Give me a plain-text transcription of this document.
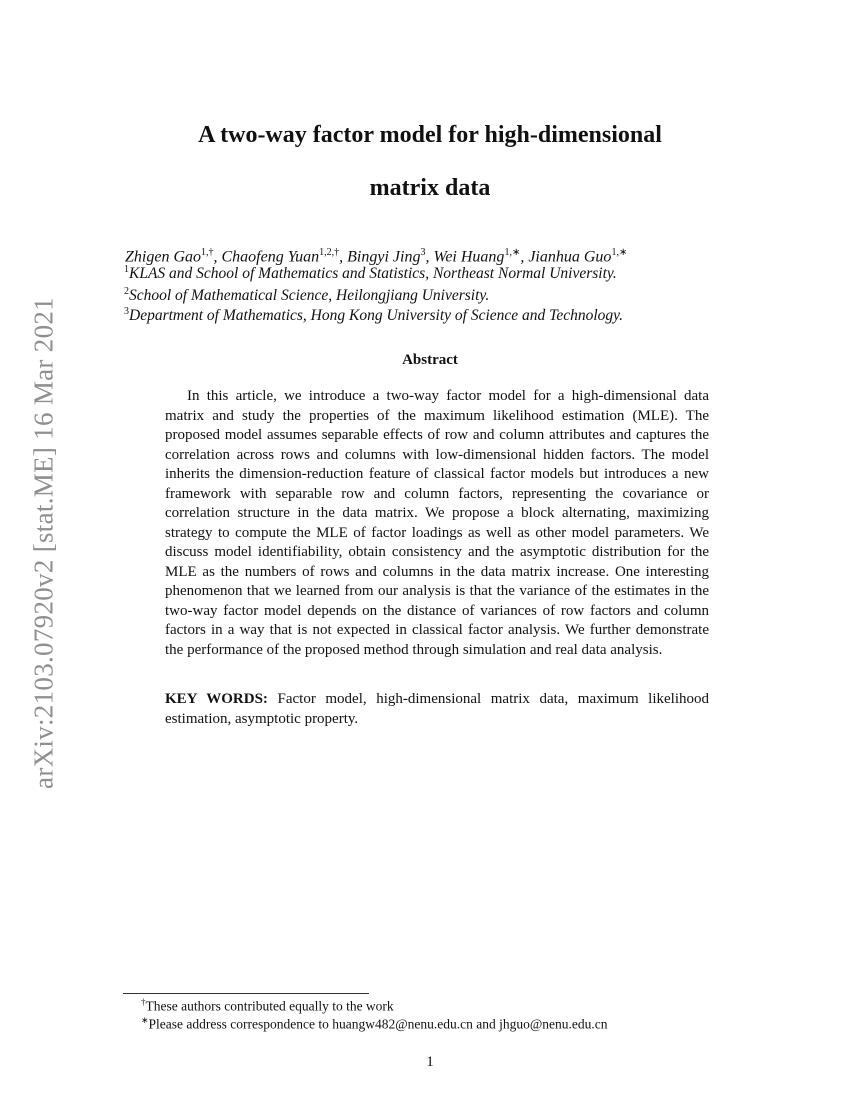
arXiv:2103.07920v2 [stat.ME] 16 Mar 2021
A two-way factor model for high-dimensional
matrix data
Zhigen Gao$^{1,\dagger}$, Chaofeng Yuan$^{1,2,\dagger}$, Bingyi Jing$^3$, Wei Huang$^{1,∗}$, Jianhua Guo$^{1,∗}$
$^1$KLAS and School of Mathematics and Statistics, Northeast Normal University.
$^2$School of Mathematical Science, Heilongjiang University.
$^3$Department of Mathematics, Hong Kong University of Science and Technology.
Abstract

In this article, we introduce a two-way factor model for a high-dimensional data matrix and study the properties of the maximum likelihood estimation (MLE). The proposed model assumes separable effects of row and column attributes and captures the correlation across rows and columns with low-dimensional hidden factors. The model inherits the dimension-reduction feature of classical factor models but introduces a new framework with separable row and column factors, representing the covariance or correlation structure in the data matrix. We propose a block alternating, maximizing strategy to compute the MLE of factor loadings as well as other model parameters. We discuss model identifiability, obtain consistency and the asymptotic distribution for the MLE as the numbers of rows and columns in the data matrix increase. One interesting phenomenon that we learned from our analysis is that the variance of the estimates in the two-way factor model depends on the distance of variances of row factors and column factors in a way that is not expected in classical factor analysis. We further demonstrate the performance of the proposed method through simulation and real data analysis.

KEY WORDS: Factor model, high-dimensional matrix data, maximum likelihood estimation, asymptotic property.

†These authors contributed equally to the work
∗Please address correspondence to huangw482@nenu.edu.cn and jhguo@nenu.edu.cn
1
